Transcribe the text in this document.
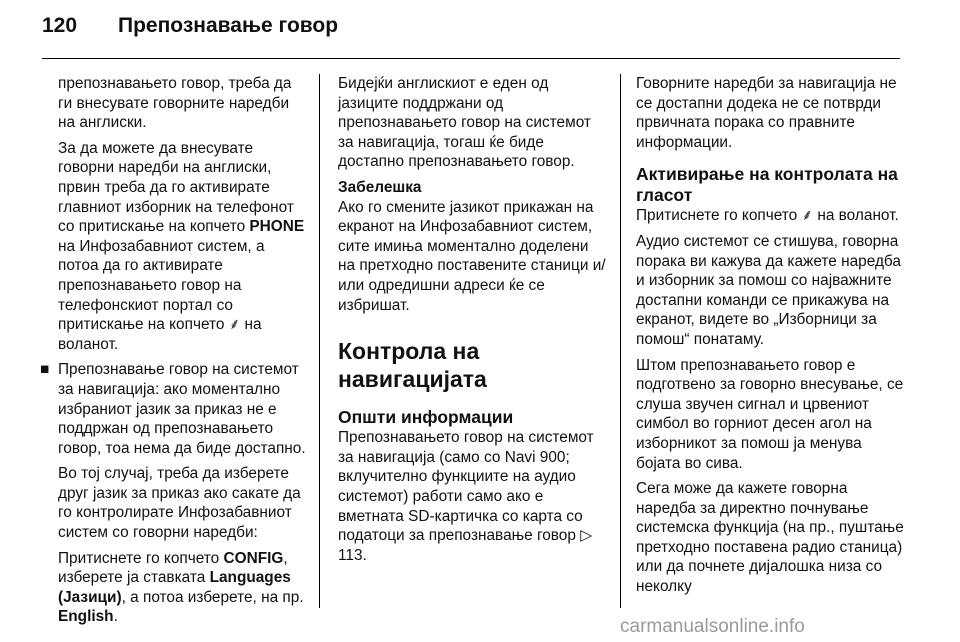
120 Препознавање говор

препознавањето говор, треба да ги внесувате говорните наредби на англиски.

За да можете да внесувате говорни наредби на англиски, првин треба да го активирате главниот изборник на телефонот со притискање на копчето PHONE на Инфозабавниот систем, а потоа да го активирате препознавањето говор на телефонскиот портал со притискање на копчето ⸙ на воланот.

■ Препознавање говор на системот за навигација: ако моментално избраниот јазик за приказ не е поддржан од препознавањето говор, тоа нема да биде достапно.

Во тој случај, треба да изберете друг јазик за приказ ако сакате да го контролирате Инфозабавниот систем со говорни наредби:

Притиснете го копчето CONFIG, изберете ја ставката Languages (Јазици), а потоа изберете, на пр. English.

Бидејќи англискиот е еден од јазиците поддржани од препознавањето говор на системот за навигација, тогаш ќе биде достапно препознавањето говор.

Забелешка
Ако го смените јазикот прикажан на екранот на Инфозабавниот систем, сите имиња моментално доделени на претходно поставените станици и/или одредишни адреси ќе се избришат.

Контрола на
навигацијата
Општи информации

Препознавањето говор на системот за навигација (само со Navi 900; вклучително функциите на аудио системот) работи само ако е вметната SD-картичка со карта со податоци за препознавање говор ▷ 113.

Говорните наредби за навигација не се достапни додека не се потврди првичната порака со правните информации.

Активирање на контролата на гласот

Притиснете го копчето ⸙ на воланот.

Аудио системот се стишува, говорна порака ви кажува да кажете наредба и изборник за помош со најважните достапни команди се прикажува на екранот, видете во „Изборници за помош“ понатаму.

Штом препознавањето говор е подготвено за говорно внесување, се слуша звучен сигнал и црвениот симбол во горниот десен агол на изборникот за помош ја менува бојата во сива.

Сега може да кажете говорна наредба за директно почнување системска функција (на пр., пуштање претходно поставена радио станица) или да почнете дијалошка низа со неколку

carmanualsonline.info
